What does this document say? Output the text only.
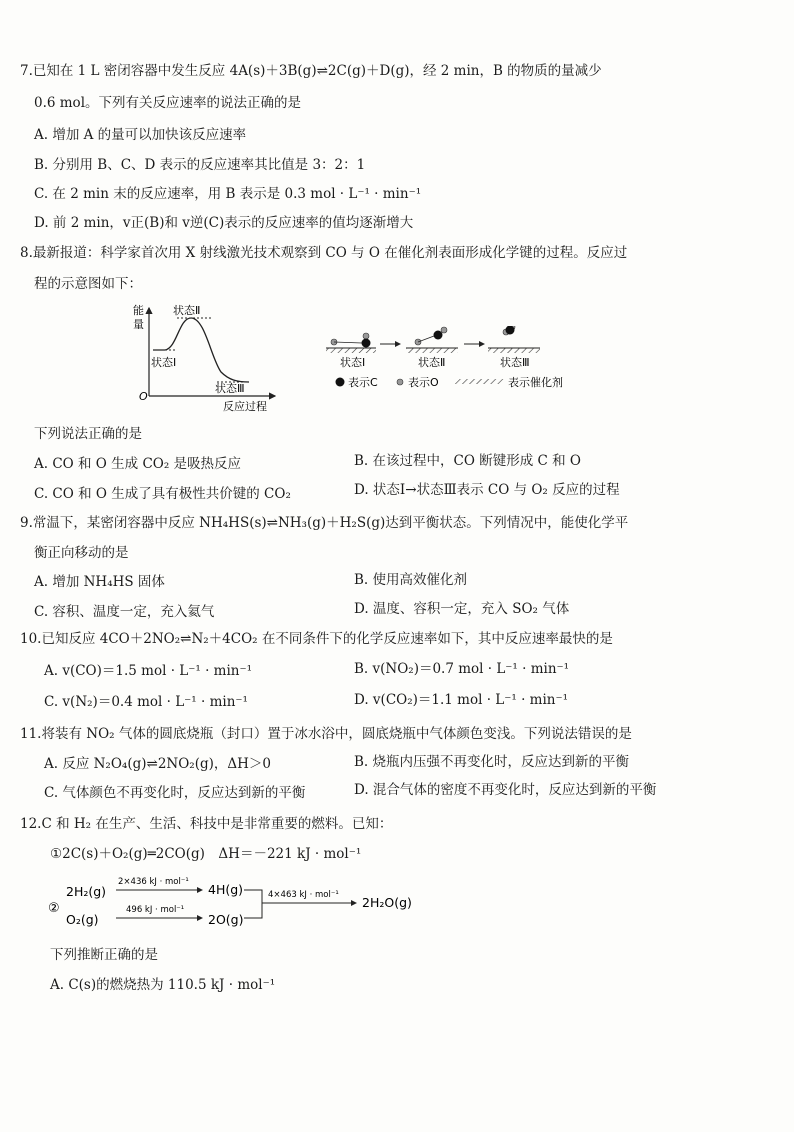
7.已知在 1 L 密闭容器中发生反应 4A(s)＋3B(g)⇌2C(g)＋D(g)，经 2 min，B 的物质的量减少
0.6 mol。下列有关反应速率的说法正确的是
A. 增加 A 的量可以加快该反应速率
B. 分别用 B、C、D 表示的反应速率其比值是 3：2：1
C. 在 2 min 末的反应速率，用 B 表示是 0.3 mol · L⁻¹ · min⁻¹
D. 前 2 min，v正(B)和 v逆(C)表示的反应速率的值均逐渐增大
8.最新报道：科学家首次用 X 射线激光技术观察到 CO 与 O 在催化剂表面形成化学键的过程。反应过
程的示意图如下：
能
量
O
反应过程
状态Ⅱ
状态Ⅰ
状态Ⅲ
状态Ⅰ	状态Ⅱ	状态Ⅲ
表示C	表示O	表示催化剂
下列说法正确的是
A. CO 和 O 生成 CO₂ 是吸热反应	B. 在该过程中，CO 断键形成 C 和 O
C. CO 和 O 生成了具有极性共价键的 CO₂	D. 状态Ⅰ→状态Ⅲ表示 CO 与 O₂ 反应的过程
9.常温下，某密闭容器中反应 NH₄HS(s)⇌NH₃(g)＋H₂S(g)达到平衡状态。下列情况中，能使化学平
衡正向移动的是
A. 增加 NH₄HS 固体	B. 使用高效催化剂
C. 容积、温度一定，充入氦气	D. 温度、容积一定，充入 SO₂ 气体
10.已知反应 4CO＋2NO₂⇌N₂＋4CO₂ 在不同条件下的化学反应速率如下，其中反应速率最快的是
A. v(CO)＝1.5 mol · L⁻¹ · min⁻¹	B. v(NO₂)＝0.7 mol · L⁻¹ · min⁻¹
C. v(N₂)＝0.4 mol · L⁻¹ · min⁻¹	D. v(CO₂)＝1.1 mol · L⁻¹ · min⁻¹
11.将装有 NO₂ 气体的圆底烧瓶（封口）置于冰水浴中，圆底烧瓶中气体颜色变浅。下列说法错误的是
A. 反应 N₂O₄(g)⇌2NO₂(g)，ΔH＞0	B. 烧瓶内压强不再变化时，反应达到新的平衡
C. 气体颜色不再变化时，反应达到新的平衡	D. 混合气体的密度不再变化时，反应达到新的平衡
12.C 和 H₂ 在生产、生活、科技中是非常重要的燃料。已知：
①2C(s)＋O₂(g)═2CO(g)　ΔH＝－221 kJ · mol⁻¹
②
2H₂(g)
O₂(g)
2×436 kJ · mol⁻¹
496 kJ · mol⁻¹
4H(g)
2O(g)
4×463 kJ · mol⁻¹ 2H₂O(g)
下列推断正确的是
A. C(s)的燃烧热为 110.5 kJ · mol⁻¹
